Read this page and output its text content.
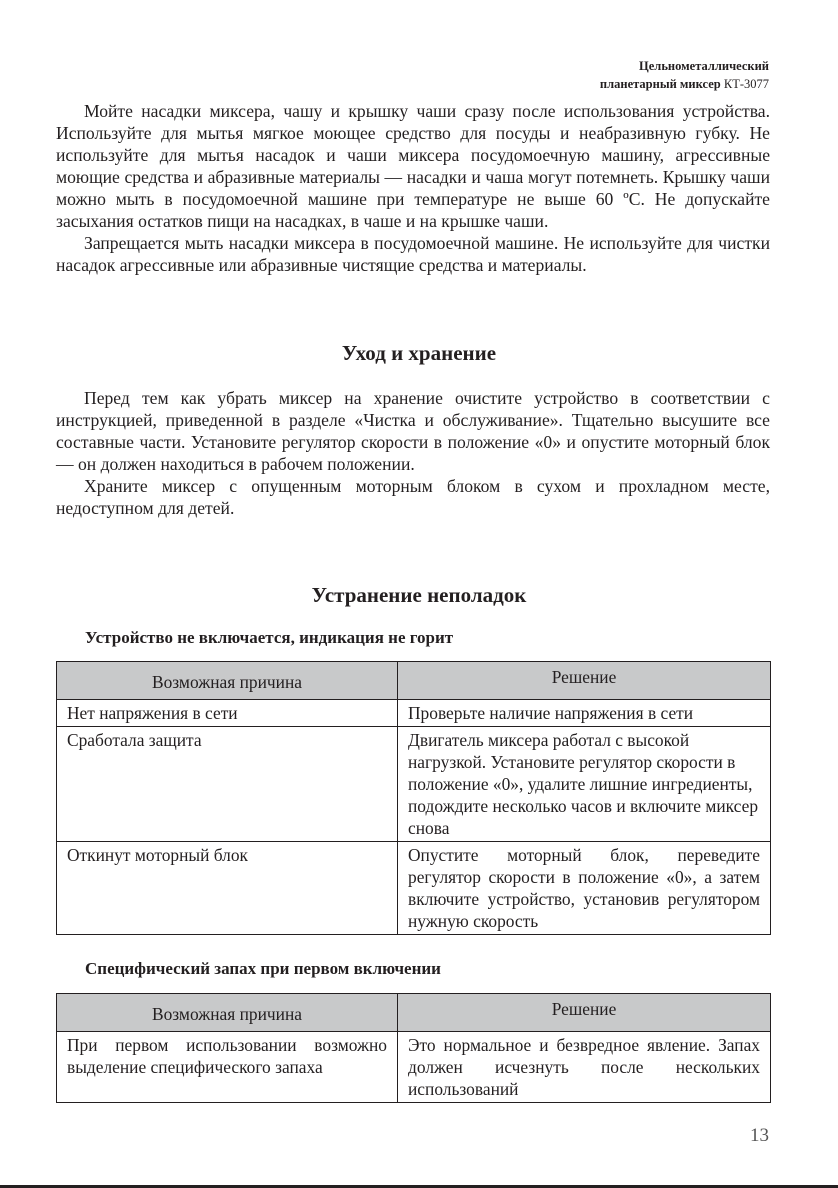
Цельнометаллический
планетарный миксер КТ-3077

Мойте насадки миксера, чашу и крышку чаши сразу после использования устройства. Используйте для мытья мягкое моющее средство для посуды и неабразивную губку. Не используйте для мытья насадок и чаши миксера посудомоечную машину, агрессивные моющие средства и абразивные материалы — насадки и чаша могут потемнеть. Крышку чаши можно мыть в посудомоечной машине при температуре не выше 60 ºС. Не допускайте засыхания остатков пищи на насадках, в чаше и на крышке чаши.

Запрещается мыть насадки миксера в посудомоечной машине. Не используйте для чистки насадок агрессивные или абразивные чистящие средства и материалы.

Уход и хранение

Перед тем как убрать миксер на хранение очистите устройство в соответствии с инструкцией, приведенной в разделе «Чистка и обслуживание». Тщательно высушите все составные части. Установите регулятор скорости в положение «0» и опустите моторный блок — он должен находиться в рабочем положении.

Храните миксер с опущенным моторным блоком в сухом и прохладном месте, недоступном для детей.

Устранение неполадок
Устройство не включается, индикация не горит
Возможная причина	Решение
Нет напряжения в сети	Проверьте наличие напряжения в сети
Сработала защита	Двигатель миксера работал с высокой нагрузкой. Установите регулятор скорости в положение «0», удалите лишние ингредиенты, подождите несколько часов и включите миксер снова
Откинут моторный блок	Опустите моторный блок, переведите регулятор скорости в положение «0», а затем включите устройство, установив регулятором нужную скорость
Специфический запах при первом включении
Возможная причина	Решение
При первом использовании возможно выделение специфического запаха	Это нормальное и безвредное явление. Запах должен исчезнуть после нескольких использований
13
